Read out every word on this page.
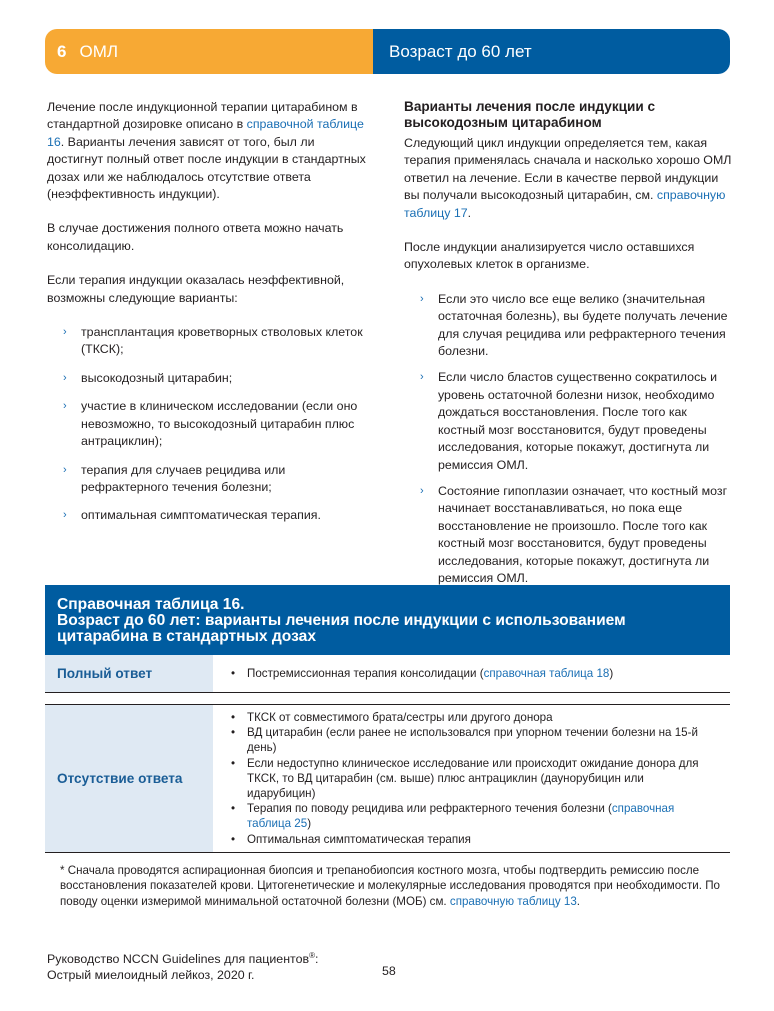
6 ОМЛ	Возраст до 60 лет

Лечение после индукционной терапии цитарабином в стандартной дозировке описано в справочной таблице 16. Варианты лечения зависят от того, был ли достигнут полный ответ после индукции в стандартных дозах или же наблюдалось отсутствие ответа (неэффективность индукции).

В случае достижения полного ответа можно начать консолидацию.

Если терапия индукции оказалась неэффективной, возможны следующие варианты:

› трансплантация кроветворных стволовых клеток (ТКСК);
› высокодозный цитарабин;
› участие в клиническом исследовании (если оно невозможно, то высокодозный цитарабин плюс антрациклин);
› терапия для случаев рецидива или рефрактерного течения болезни;
› оптимальная симптоматическая терапия.
Варианты лечения после индукции с высокодозным цитарабином

Следующий цикл индукции определяется тем, какая терапия применялась сначала и насколько хорошо ОМЛ ответил на лечение. Если в качестве первой индукции вы получали высокодозный цитарабин, см. справочную таблицу 17.

После индукции анализируется число оставшихся опухолевых клеток в организме.

› Если это число все еще велико (значительная остаточная болезнь), вы будете получать лечение для случая рецидива или рефрактерного течения болезни.
› Если число бластов существенно сократилось и уровень остаточной болезни низок, необходимо дождаться восстановления. После того как костный мозг восстановится, будут проведены исследования, которые покажут, достигнута ли ремиссия ОМЛ.
› Состояние гипоплазии означает, что костный мозг начинает восстанавливаться, но пока еще восстановление не произошло. После того как костный мозг восстановится, будут проведены исследования, которые покажут, достигнута ли ремиссия ОМЛ.
Справочная таблица 16.
Возраст до 60 лет: варианты лечения после индукции с использованием цитарабина в стандартных дозах
Полный ответ	• Постремиссионная терапия консолидации (справочная таблица 18)
Отсутствие ответа
• ТКСК от совместимого брата/сестры или другого донора
• ВД цитарабин (если ранее не использовался при упорном течении болезни на 15-й день)
• Если недоступно клиническое исследование или происходит ожидание донора для ТКСК, то ВД цитарабин (см. выше) плюс антрациклин (даунорубицин или идарубицин)
• Терапия по поводу рецидива или рефрактерного течения болезни (справочная таблица 25)
• Оптимальная симптоматическая терапия

* Сначала проводятся аспирационная биопсия и трепанобиопсия костного мозга, чтобы подтвердить ремиссию после восстановления показателей крови. Цитогенетические и молекулярные исследования проводятся при необходимости. По поводу оценки измеримой минимальной остаточной болезни (МОБ) см. справочную таблицу 13.

Руководство NCCN Guidelines для пациентов®:
Острый миелоидный лейкоз, 2020 г.	58
